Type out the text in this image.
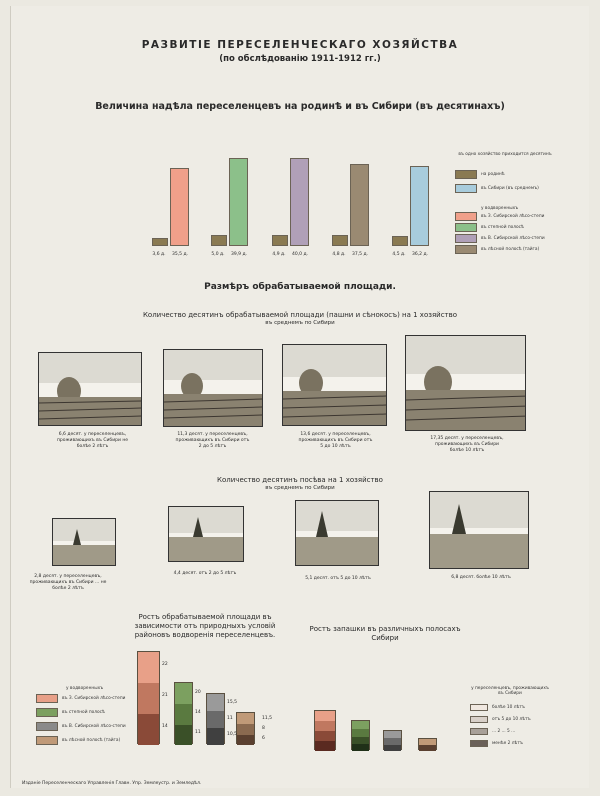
РАЗВИТІЕ ПЕРЕСЕЛЕНЧЕСКАГО ХОЗЯЙСТВА
(по обслѣдованію 1911-1912 гг.)
Величина надѣла переселенцевъ на родинѣ и въ Сибири (въ десятинахъ)
3,6 д.	35,5 д.	5,0 д.	39,9 д.	4,9 д.	40,0 д.	4,8 д.	37,5 д.	4,5 д.	36,2 д.
въ одно хозяйство приходится десятинъ
на родинѣ
въ Сибири (въ среднемъ)
у водворенныхъ
въ З. Сибирской лѣсо-степи
въ степной полосѣ
въ В. Сибирской лѣсо-степи
въ лѣсной полосѣ (тайга)
Размѣръ обрабатываемой площади.
Количество десятинъ обрабатываемой площади (пашни и сѣнокосъ) на 1 хозяйство
въ среднемъ по Сибири
6,6 десят. у переселенцевъ, проживающихъ въ Сибири не болѣе 2 лѣтъ
11,3 десят. у переселенцевъ, проживающихъ въ Сибири отъ 2 до 5 лѣтъ
13,6 десят. у переселенцевъ, проживающихъ въ Сибири отъ 5 до 10 лѣтъ
17,35 десят. у переселенцевъ, проживающихъ въ Сибири болѣе 10 лѣтъ
Количество десятинъ посѣва на 1 хозяйство
въ среднемъ по Сибири
2,8 десят. у переселенцевъ, проживающихъ въ Сибири ... не болѣе 2 лѣтъ
4,4 десят. отъ 2 до 5 лѣтъ
5,1 десят. отъ 5 до 10 лѣтъ	6,8 десят. болѣе 10 лѣтъ
Ростъ обрабатываемой площади въ зависимости отъ природныхъ условій районовъ водворенія переселенцевъ.
Ростъ запашки въ различныхъ полосахъ Сибири
у водворенныхъ
въ З. Сибирской лѣсо-степи
въ степной полосѣ
въ В. Сибирской лѣсо-степи
въ лѣсной полосѣ (тайга)
22
21
14
20
14
11
15,5
11
10,5
11,5
8
6
у переселенцевъ, проживающихъ въ Сибири
болѣе 10 лѣтъ
отъ 5 до 10 лѣтъ
... 2 ... 5 ...
менѣе 2 лѣтъ
Изданіе Переселенческаго Управленія Главн. Упр. Землеустр. и Земледѣл.
